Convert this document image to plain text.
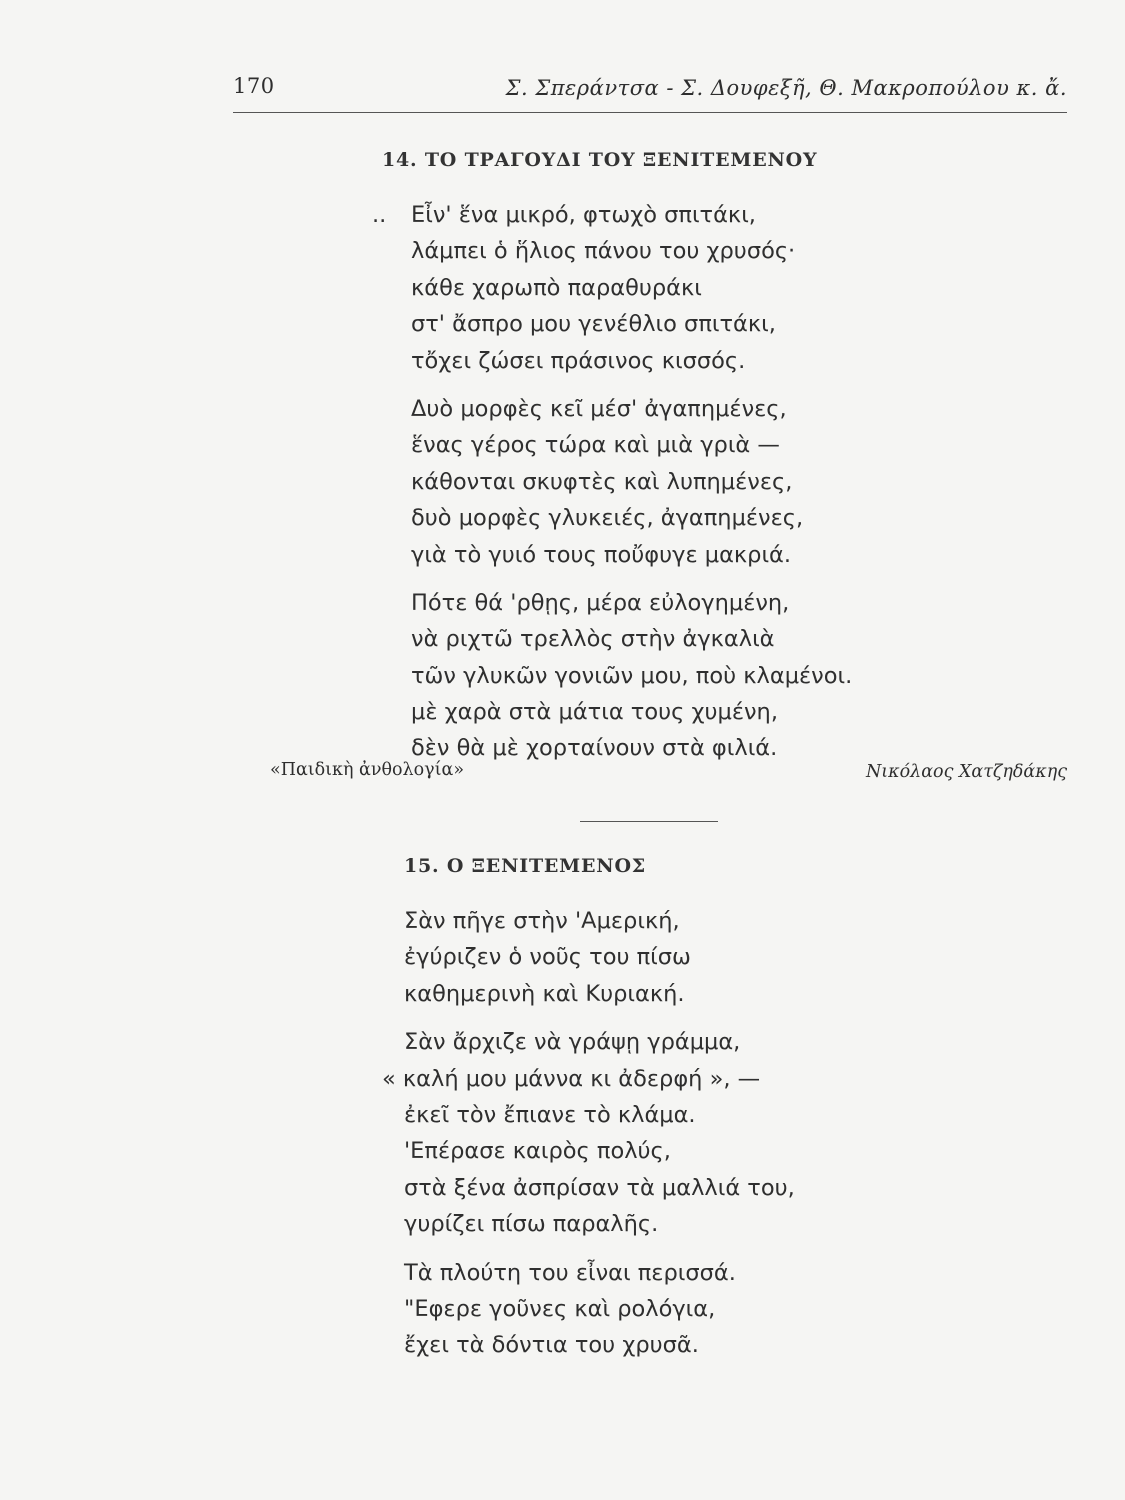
170	Σ. Σπεράντσα - Σ. Δουφεξῆ, Θ. Μακροπούλου κ. ἄ.
14. ΤΟ ΤΡΑΓΟΥΔΙ ΤΟΥ ΞΕΝΙΤΕΜΕΝΟΥ
.. Εἶν' ἕνα μικρό, φτωχὸ σπιτάκι,
λάμπει ὁ ἥλιος πάνου του χρυσός·
κάθε χαρωπὸ παραθυράκι
στ' ἄσπρο μου γενέθλιο σπιτάκι,
τὄχει ζώσει πράσινος κισσός.
Δυὸ μορφὲς κεῖ μέσ' ἀγαπημένες,
ἕνας γέρος τώρα καὶ μιὰ γριὰ —
κάθονται σκυφτὲς καὶ λυπημένες,
δυὸ μορφὲς γλυκειές, ἀγαπημένες,
γιὰ τὸ γυιό τους ποὔφυγε μακριά.
Πότε θά 'ρθῃς, μέρα εὐλογημένη,
νὰ ριχτῶ τρελλὸς στὴν ἀγκαλιὰ
τῶν γλυκῶν γονιῶν μου, ποὺ κλαμένοι.
μὲ χαρὰ στὰ μάτια τους χυμένη,
δὲν θὰ μὲ χορταίνουν στὰ φιλιά.
«Παιδικὴ ἀνθολογία»	Νικόλαος Χατζηδάκης
15. Ο ΞΕΝΙΤΕΜΕΝΟΣ
Σὰν πῆγε στὴν 'Αμερική,
ἐγύριζεν ὁ νοῦς του πίσω
καθημερινὴ καὶ Κυριακή.
Σὰν ἄρχιζε νὰ γράψῃ γράμμα,
« καλή μου μάννα κι ἀδερφή », —
ἐκεῖ τὸν ἔπιανε τὸ κλάμα.
'Επέρασε καιρὸς πολύς,
στὰ ξένα ἀσπρίσαν τὰ μαλλιά του,
γυρίζει πίσω παραλῆς.
Τὰ πλούτη του εἶναι περισσά.
"Εφερε γοῦνες καὶ ρολόγια,
ἔχει τὰ δόντια του χρυσᾶ.
